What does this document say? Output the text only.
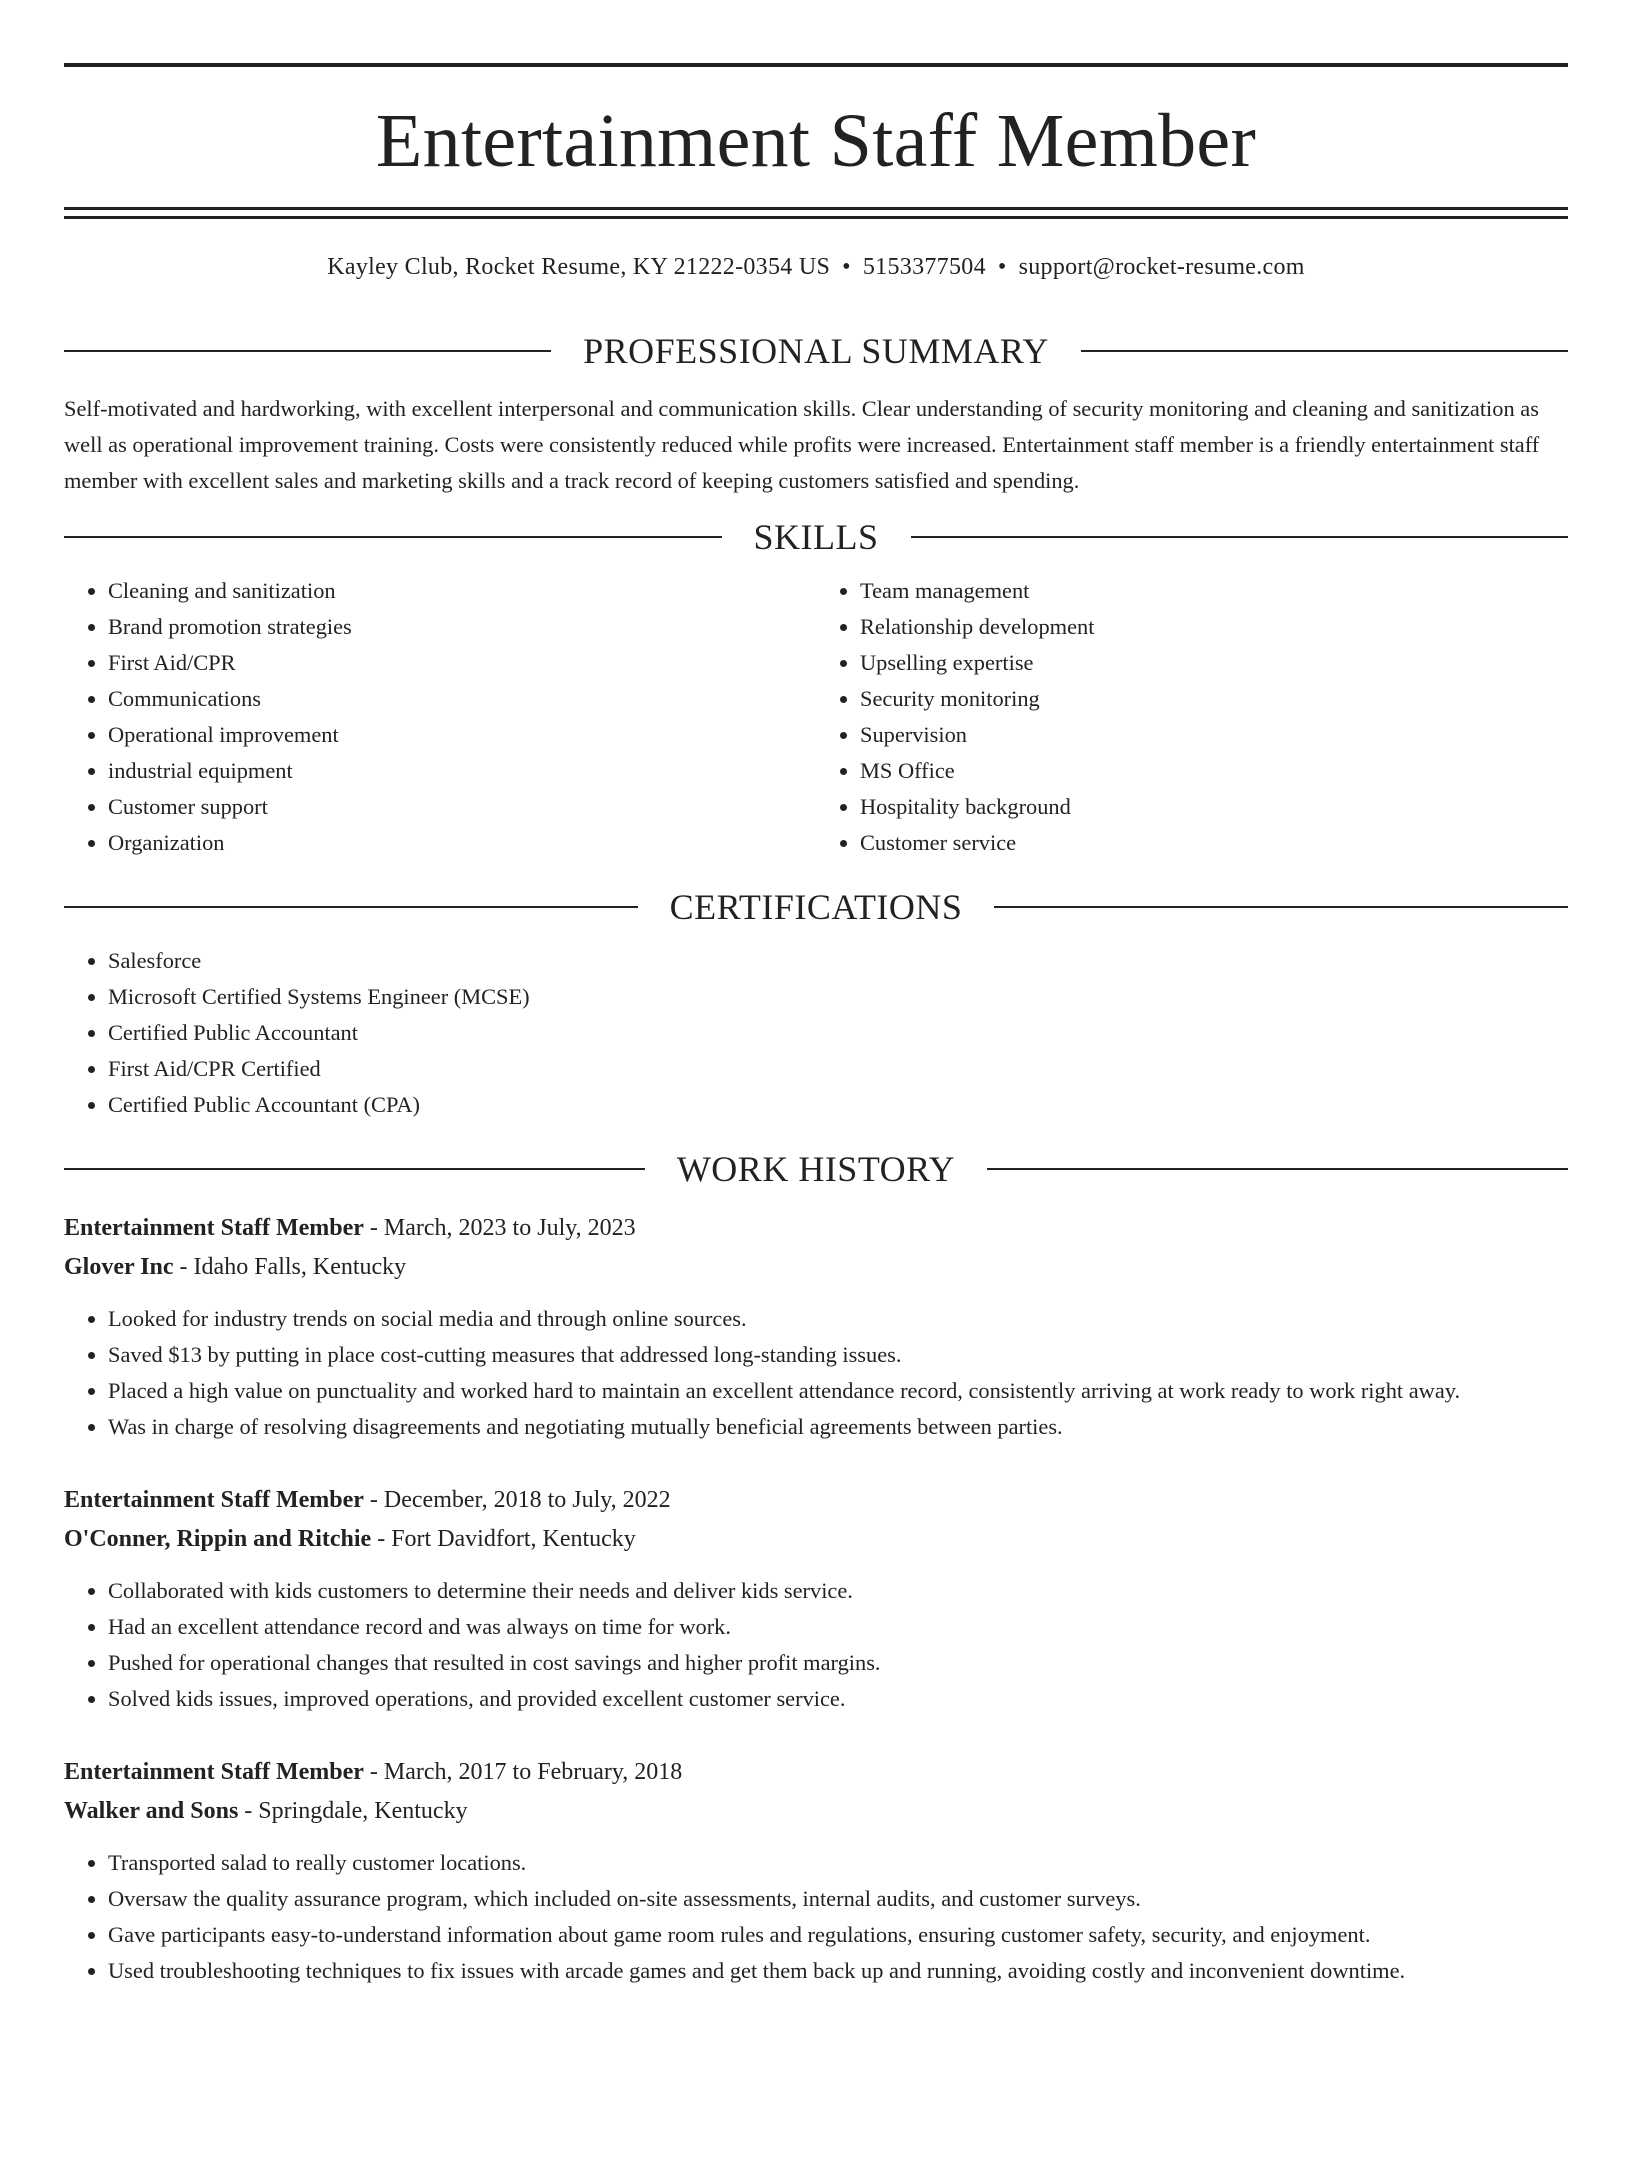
Entertainment Staff Member
Kayley Club, Rocket Resume, KY 21222-0354 US • 5153377504 • support@rocket-resume.com
PROFESSIONAL SUMMARY
Self-motivated and hardworking, with excellent interpersonal and communication skills. Clear understanding of security monitoring and cleaning and sanitization as well as operational improvement training. Costs were consistently reduced while profits were increased. Entertainment staff member is a friendly entertainment staff member with excellent sales and marketing skills and a track record of keeping customers satisfied and spending.
SKILLS
• Cleaning and sanitization
• Brand promotion strategies
• First Aid/CPR
• Communications
• Operational improvement
• industrial equipment
• Customer support
• Organization
• Team management
• Relationship development
• Upselling expertise
• Security monitoring
• Supervision
• MS Office
• Hospitality background
• Customer service
CERTIFICATIONS
• Salesforce
• Microsoft Certified Systems Engineer (MCSE)
• Certified Public Accountant
• First Aid/CPR Certified
• Certified Public Accountant (CPA)
WORK HISTORY
Entertainment Staff Member - March, 2023 to July, 2023
Glover Inc - Idaho Falls, Kentucky
• Looked for industry trends on social media and through online sources.
• Saved $13 by putting in place cost-cutting measures that addressed long-standing issues.
• Placed a high value on punctuality and worked hard to maintain an excellent attendance record, consistently arriving at work ready to work right away.
• Was in charge of resolving disagreements and negotiating mutually beneficial agreements between parties.
Entertainment Staff Member - December, 2018 to July, 2022
O'Conner, Rippin and Ritchie - Fort Davidfort, Kentucky
• Collaborated with kids customers to determine their needs and deliver kids service.
• Had an excellent attendance record and was always on time for work.
• Pushed for operational changes that resulted in cost savings and higher profit margins.
• Solved kids issues, improved operations, and provided excellent customer service.
Entertainment Staff Member - March, 2017 to February, 2018
Walker and Sons - Springdale, Kentucky
• Transported salad to really customer locations.
• Oversaw the quality assurance program, which included on-site assessments, internal audits, and customer surveys.
• Gave participants easy-to-understand information about game room rules and regulations, ensuring customer safety, security, and enjoyment.
• Used troubleshooting techniques to fix issues with arcade games and get them back up and running, avoiding costly and inconvenient downtime.
